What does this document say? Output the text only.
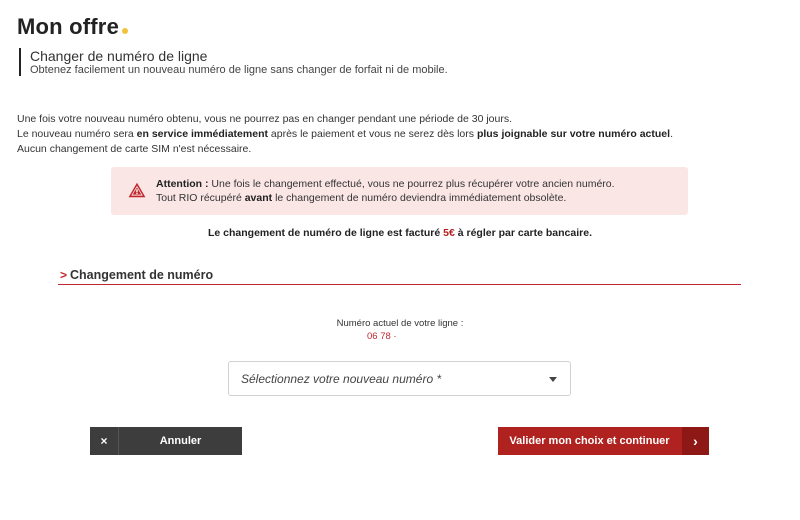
Mon offre
Changer de numéro de ligne
Obtenez facilement un nouveau numéro de ligne sans changer de forfait ni de mobile.
Une fois votre nouveau numéro obtenu, vous ne pourrez pas en changer pendant une période de 30 jours.
Le nouveau numéro sera en service immédiatement après le paiement et vous ne serez dès lors plus joignable sur votre numéro actuel.
Aucun changement de carte SIM n'est nécessaire.
Attention : Une fois le changement effectué, vous ne pourrez plus récupérer votre ancien numéro.
Tout RIO récupéré avant le changement de numéro deviendra immédiatement obsolète.
Le changement de numéro de ligne est facturé 5€ à régler par carte bancaire.
> Changement de numéro
Numéro actuel de votre ligne :
06 78 ·
Sélectionnez votre nouveau numéro *
×	Annuler	Valider mon choix et continuer	›
